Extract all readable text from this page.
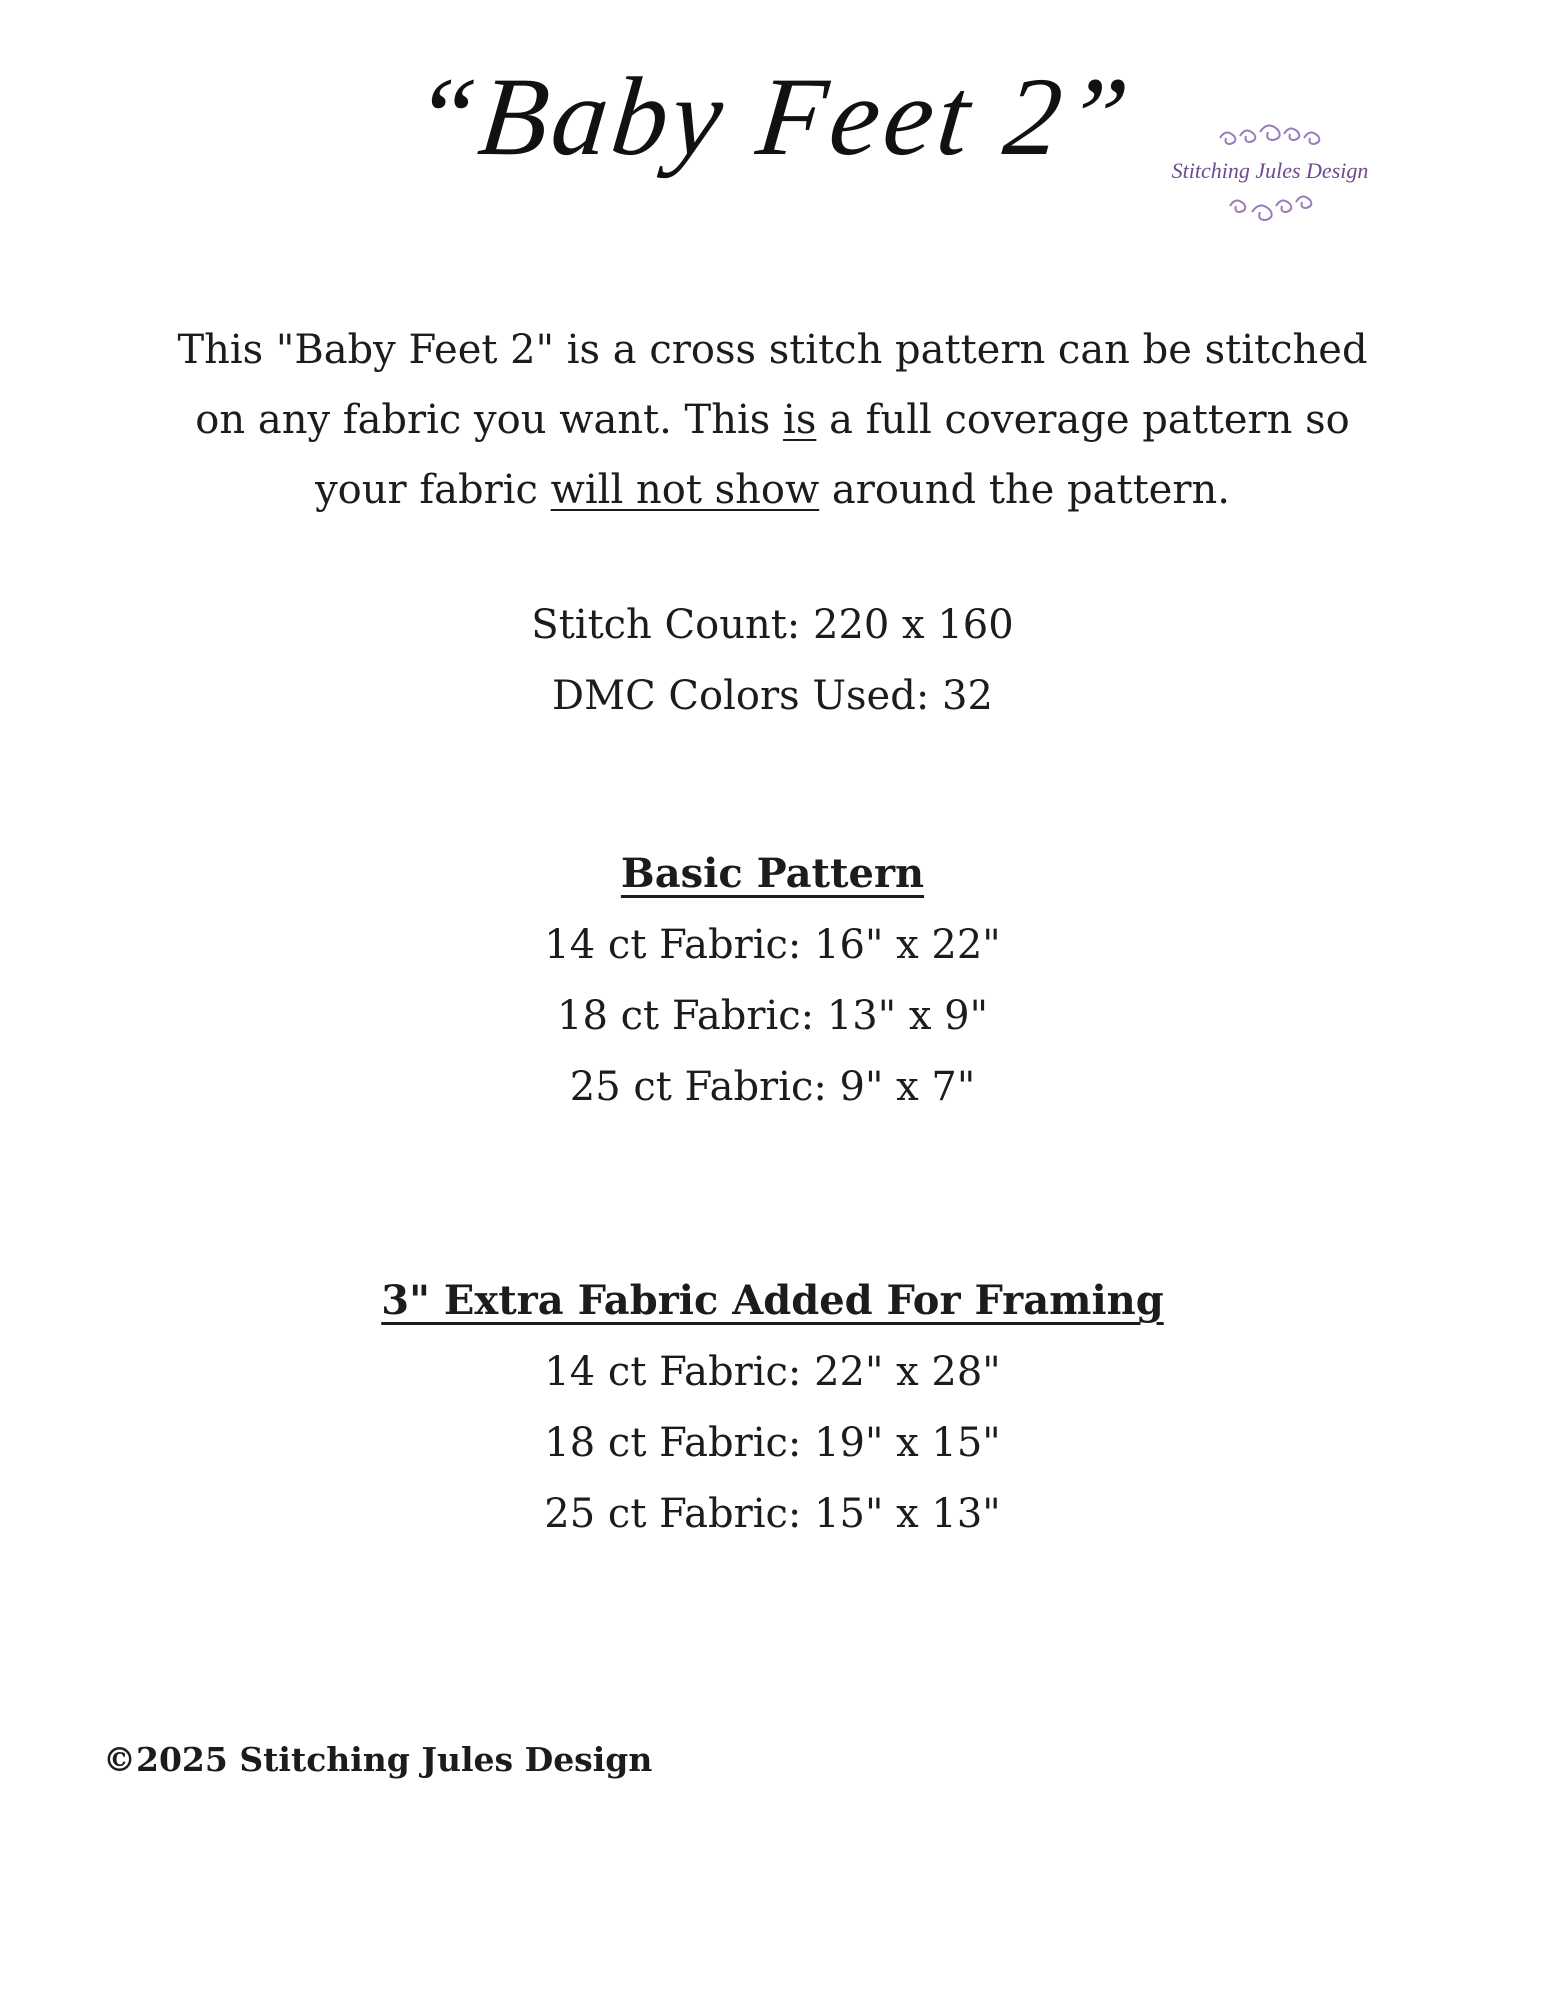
“Baby Feet 2”	Stitching Jules Design
This "Baby Feet 2" is a cross stitch pattern can be stitched on any fabric you want. This is a full coverage pattern so your fabric will not show around the pattern.
Stitch Count: 220 x 160
DMC Colors Used: 32
Basic Pattern
14 ct Fabric: 16" x 22"
18 ct Fabric: 13" x 9"
25 ct Fabric: 9" x 7"
3" Extra Fabric Added For Framing
14 ct Fabric: 22" x 28"
18 ct Fabric: 19" x 15"
25 ct Fabric: 15" x 13"
©2025 Stitching Jules Design
